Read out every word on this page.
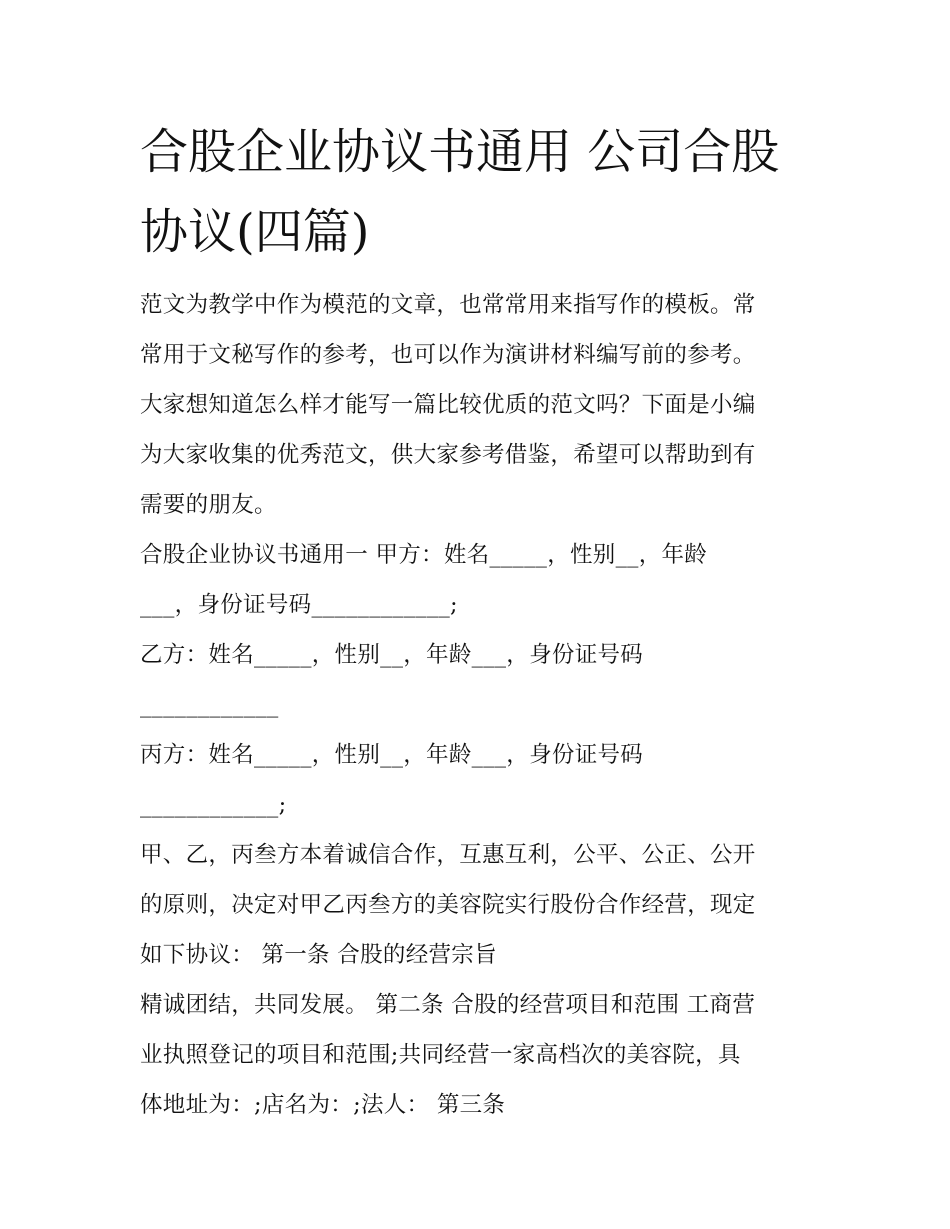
合股企业协议书通用 公司合股
协议(四篇)

范文为教学中作为模范的文章，也常常用来指写作的模板。常

常用于文秘写作的参考，也可以作为演讲材料编写前的参考。

大家想知道怎么样才能写一篇比较优质的范文吗？下面是小编

为大家收集的优秀范文，供大家参考借鉴，希望可以帮助到有

需要的朋友。

合股企业协议书通用一 甲方：姓名_____，性别__，年龄

___，身份证号码____________;

乙方：姓名_____，性别__，年龄___，身份证号码

____________

丙方：姓名_____，性别__，年龄___，身份证号码

____________;

甲、乙，丙叁方本着诚信合作，互惠互利，公平、公正、公开

的原则，决定对甲乙丙叁方的美容院实行股份合作经营，现定

如下协议： 第一条 合股的经营宗旨

精诚团结，共同发展。 第二条 合股的经营项目和范围 工商营

业执照登记的项目和范围;共同经营一家高档次的美容院，具

体地址为：;店名为：;法人： 第三条
